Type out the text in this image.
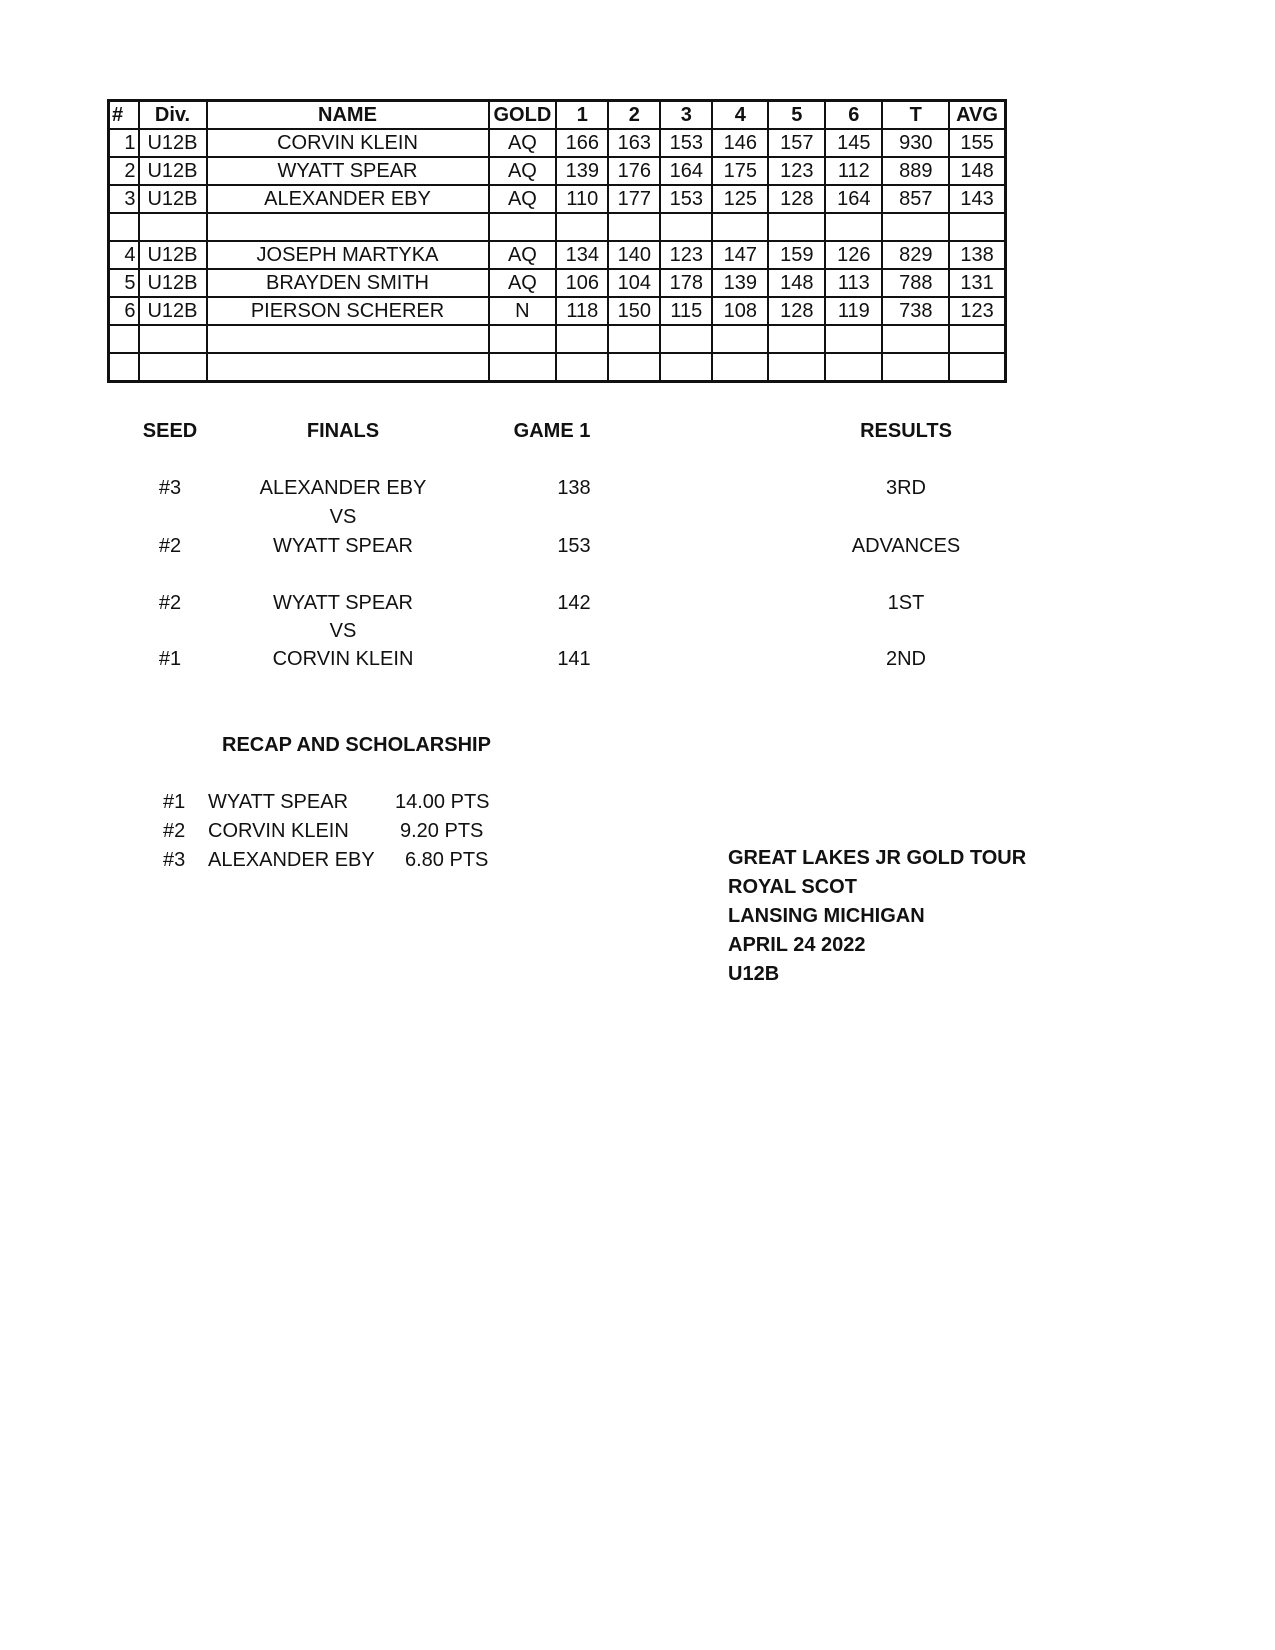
#	Div.	NAME	GOLD	1	2	3	4	5	6	T	AVG
1	U12B	CORVIN KLEIN	AQ	166	163	153	146	157	145	930	155
2	U12B	WYATT SPEAR	AQ	139	176	164	175	123	112	889	148
3	U12B	ALEXANDER EBY	AQ	110	177	153	125	128	164	857	143

4	U12B	JOSEPH MARTYKA	AQ	134	140	123	147	159	126	829	138
5	U12B	BRAYDEN SMITH	AQ	106	104	178	139	148	113	788	131
6	U12B	PIERSON SCHERER	N	118	150	115	108	128	119	738	123

SEED	FINALS	GAME 1	RESULTS
#3	ALEXANDER EBY	138	3RD
VS
#2	WYATT SPEAR	153	ADVANCES
#2	WYATT SPEAR	142	1ST
VS
#1	CORVIN KLEIN	141	2ND
RECAP AND SCHOLARSHIP
#1 WYATT SPEAR 14.00 PTS
#2 CORVIN KLEIN	9.20 PTS
#3 ALEXANDER EBY 6.80 PTS	GREAT LAKES JR GOLD TOUR
ROYAL SCOT
LANSING MICHIGAN
APRIL 24 2022
U12B
